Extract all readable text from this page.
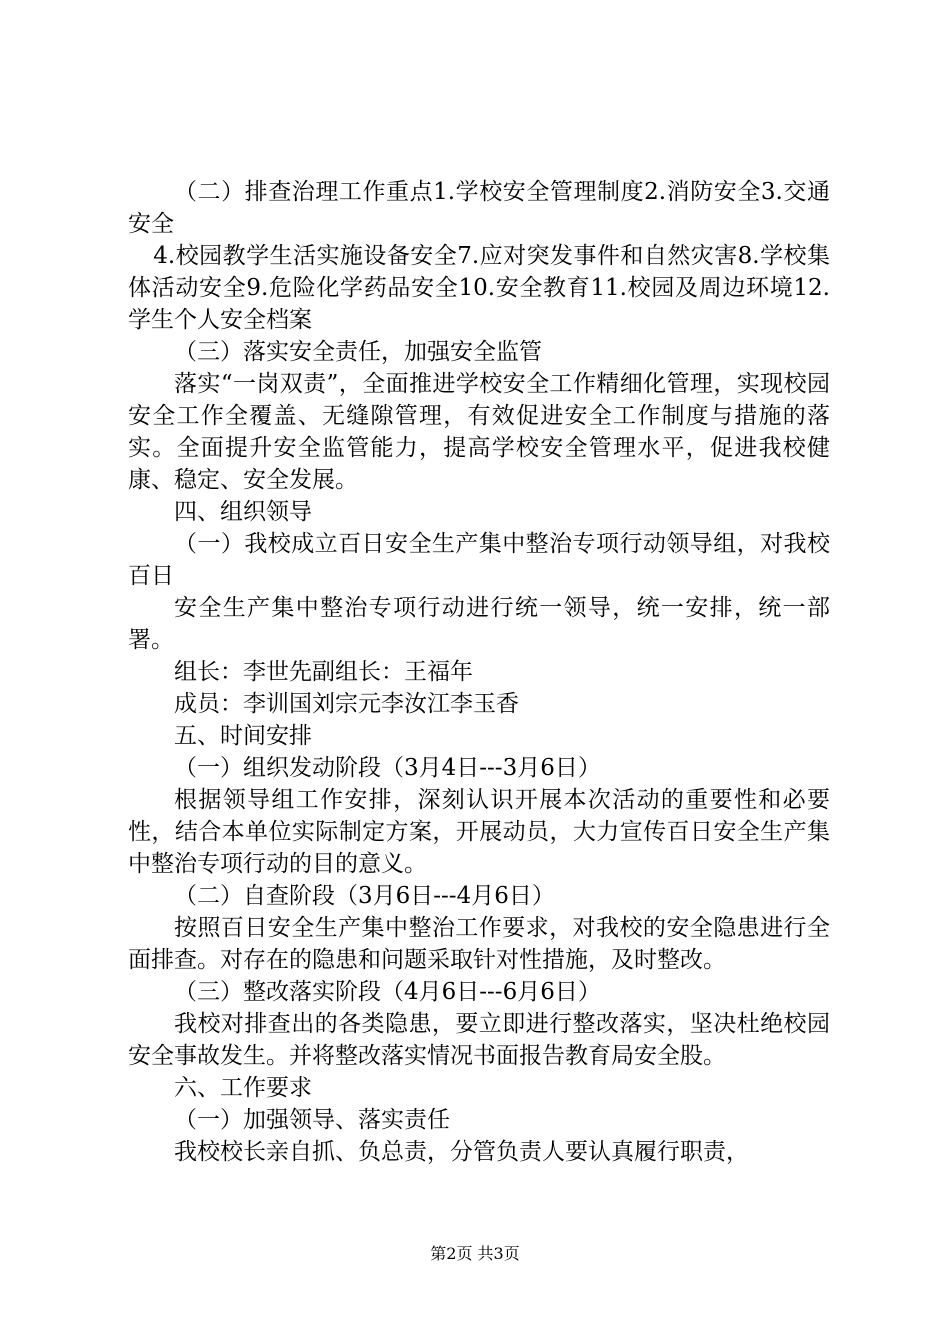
（二）排查治理工作重点1.学校安全管理制度2.消防安全3.交通安全

4.校园教学生活实施设备安全7.应对突发事件和自然灾害8.学校集体活动安全9.危险化学药品安全10.安全教育11.校园及周边环境12.学生个人安全档案

（三）落实安全责任，加强安全监管

落实“一岗双责”，全面推进学校安全工作精细化管理，实现校园安全工作全覆盖、无缝隙管理，有效促进安全工作制度与措施的落实。全面提升安全监管能力，提高学校安全管理水平，促进我校健康、稳定、安全发展。

四、组织领导

（一）我校成立百日安全生产集中整治专项行动领导组，对我校百日

安全生产集中整治专项行动进行统一领导，统一安排，统一部署。

组长：李世先副组长：王福年

成员：李训国刘宗元李汝江李玉香

五、时间安排

（一）组织发动阶段（3月4日---3月6日）

根据领导组工作安排，深刻认识开展本次活动的重要性和必要性，结合本单位实际制定方案，开展动员，大力宣传百日安全生产集中整治专项行动的目的意义。

（二）自查阶段（3月6日---4月6日）

按照百日安全生产集中整治工作要求，对我校的安全隐患进行全面排查。对存在的隐患和问题采取针对性措施，及时整改。

（三）整改落实阶段（4月6日---6月6日）

我校对排查出的各类隐患，要立即进行整改落实，坚决杜绝校园安全事故发生。并将整改落实情况书面报告教育局安全股。

六、工作要求

（一）加强领导、落实责任

我校校长亲自抓、负总责，分管负责人要认真履行职责，

第2页 共3页
